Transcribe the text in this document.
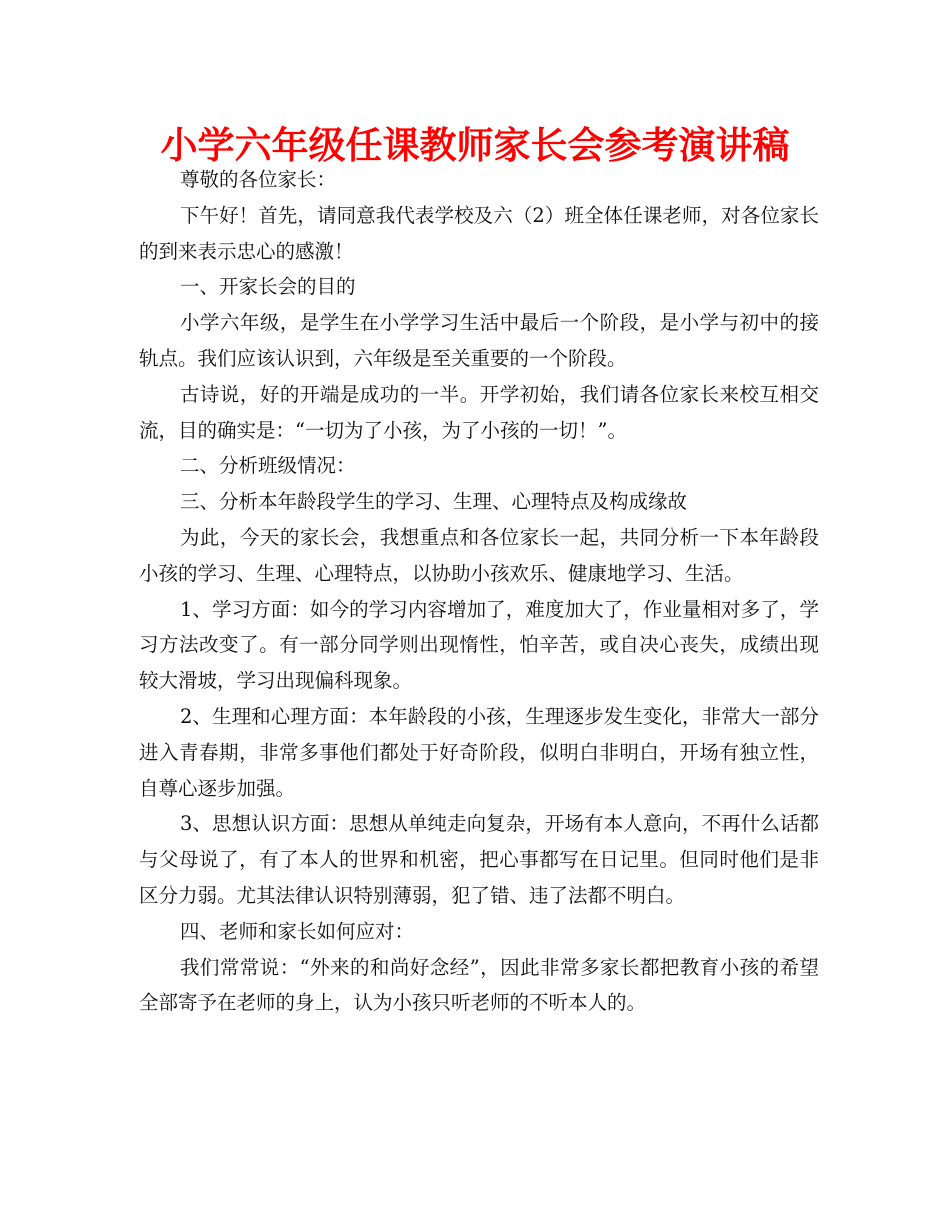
小学六年级任课教师家长会参考演讲稿

尊敬的各位家长：

下午好！首先，请同意我代表学校及六（2）班全体任课老师，对各位家长的到来表示忠心的感激！

一、开家长会的目的

小学六年级，是学生在小学学习生活中最后一个阶段，是小学与初中的接轨点。我们应该认识到，六年级是至关重要的一个阶段。

古诗说，好的开端是成功的一半。开学初始，我们请各位家长来校互相交流，目的确实是：“一切为了小孩，为了小孩的一切！”。

二、分析班级情况：

三、分析本年龄段学生的学习、生理、心理特点及构成缘故

为此，今天的家长会，我想重点和各位家长一起，共同分析一下本年龄段小孩的学习、生理、心理特点，以协助小孩欢乐、健康地学习、生活。

1、学习方面：如今的学习内容增加了，难度加大了，作业量相对多了，学习方法改变了。有一部分同学则出现惰性，怕辛苦，或自决心丧失，成绩出现较大滑坡，学习出现偏科现象。

2、生理和心理方面：本年龄段的小孩，生理逐步发生变化，非常大一部分进入青春期，非常多事他们都处于好奇阶段，似明白非明白，开场有独立性，自尊心逐步加强。

3、思想认识方面：思想从单纯走向复杂，开场有本人意向，不再什么话都与父母说了，有了本人的世界和机密，把心事都写在日记里。但同时他们是非区分力弱。尤其法律认识特别薄弱，犯了错、违了法都不明白。

四、老师和家长如何应对：

我们常常说：“外来的和尚好念经”，因此非常多家长都把教育小孩的希望全部寄予在老师的身上，认为小孩只听老师的不听本人的。
